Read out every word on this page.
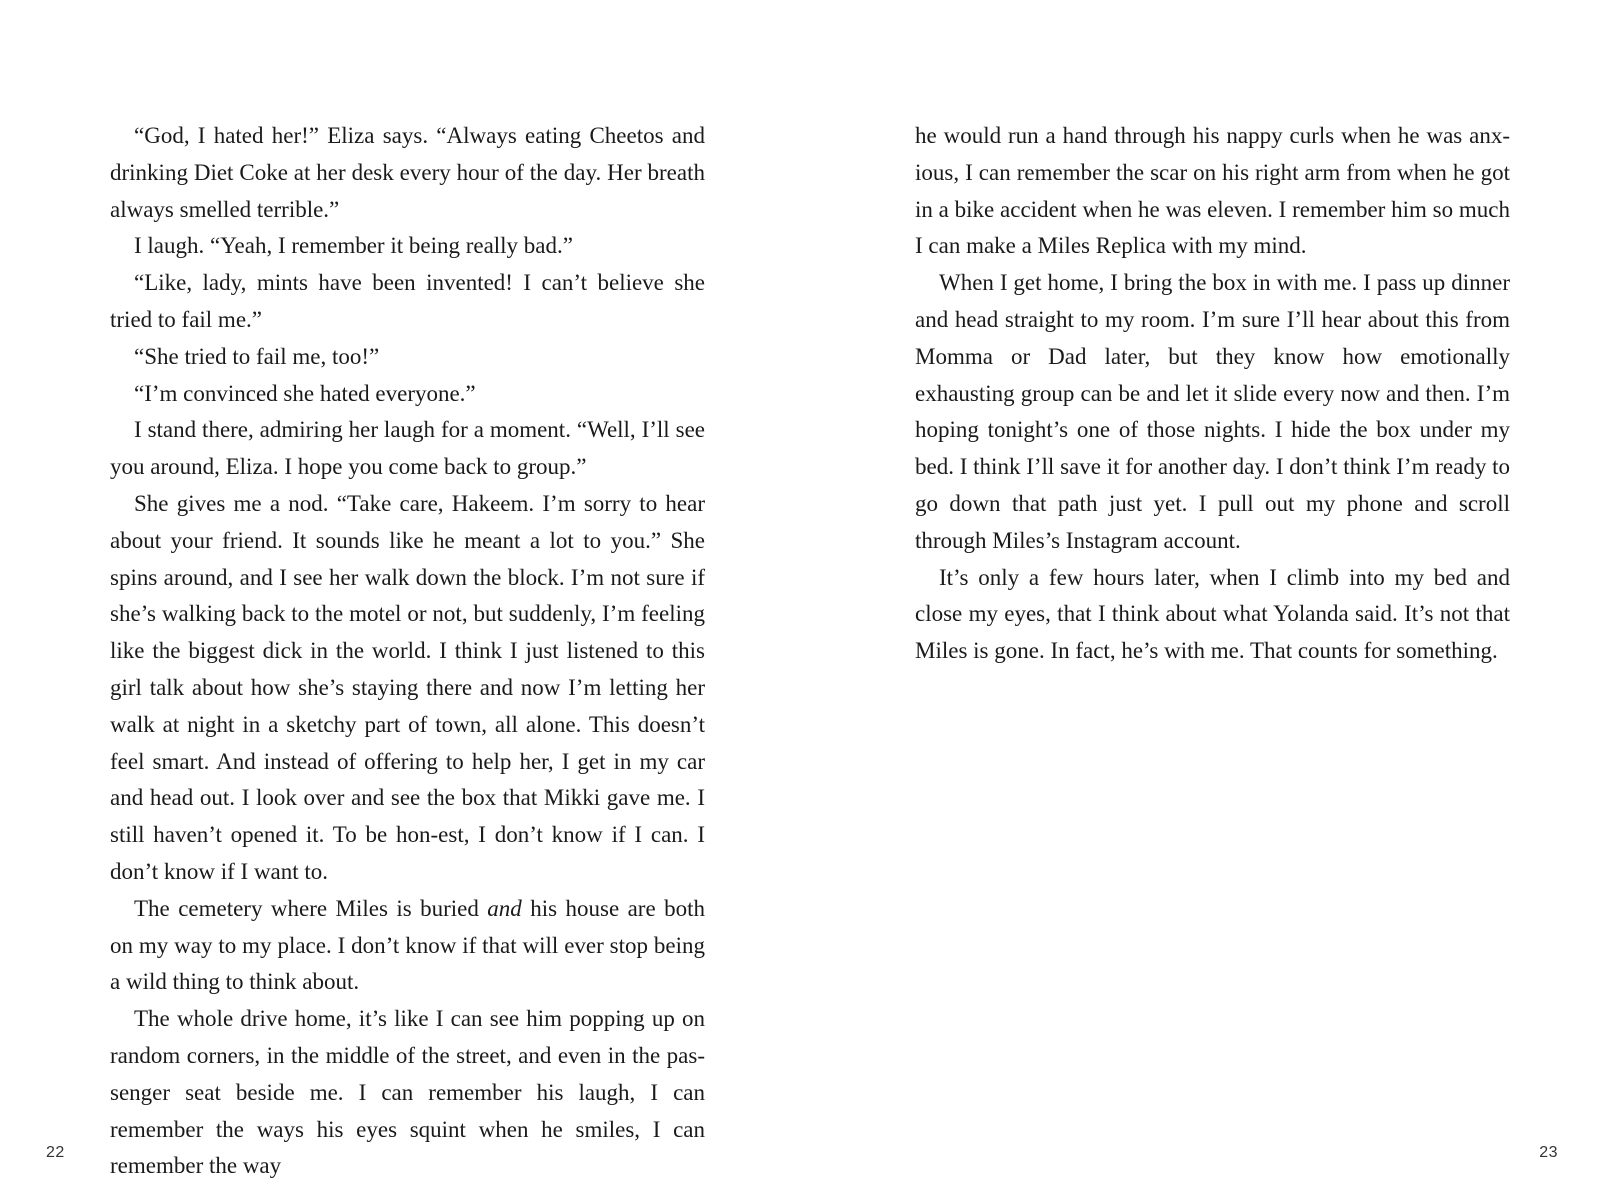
“God, I hated her!” Eliza says. “Always eating Cheetos and drinking Diet Coke at her desk every hour of the day. Her breath always smelled terrible.”

I laugh. “Yeah, I remember it being really bad.”

“Like, lady, mints have been invented! I can’t believe she tried to fail me.”

“She tried to fail me, too!”

“I’m convinced she hated everyone.”

I stand there, admiring her laugh for a moment. “Well, I’ll see you around, Eliza. I hope you come back to group.”

She gives me a nod. “Take care, Hakeem. I’m sorry to hear about your friend. It sounds like he meant a lot to you.” She spins around, and I see her walk down the block. I’m not sure if she’s walking back to the motel or not, but suddenly, I’m feeling like the biggest dick in the world. I think I just listened to this girl talk about how she’s staying there and now I’m letting her walk at night in a sketchy part of town, all alone. This doesn’t feel smart. And instead of offering to help her, I get in my car and head out. I look over and see the box that Mikki gave me. I still haven’t opened it. To be hon-est, I don’t know if I can. I don’t know if I want to.

The cemetery where Miles is buried and his house are both on my way to my place. I don’t know if that will ever stop being a wild thing to think about.

The whole drive home, it’s like I can see him popping up on random corners, in the middle of the street, and even in the pas-senger seat beside me. I can remember his laugh, I can remember the ways his eyes squint when he smiles, I can remember the way

22

he would run a hand through his nappy curls when he was anx-ious, I can remember the scar on his right arm from when he got in a bike accident when he was eleven. I remember him so much I can make a Miles Replica with my mind.

When I get home, I bring the box in with me. I pass up dinner and head straight to my room. I’m sure I’ll hear about this from Momma or Dad later, but they know how emotionally exhausting group can be and let it slide every now and then. I’m hoping tonight’s one of those nights. I hide the box under my bed. I think I’ll save it for another day. I don’t think I’m ready to go down that path just yet. I pull out my phone and scroll through Miles’s Instagram account.

It’s only a few hours later, when I climb into my bed and close my eyes, that I think about what Yolanda said. It’s not that Miles is gone. In fact, he’s with me. That counts for something.

23
